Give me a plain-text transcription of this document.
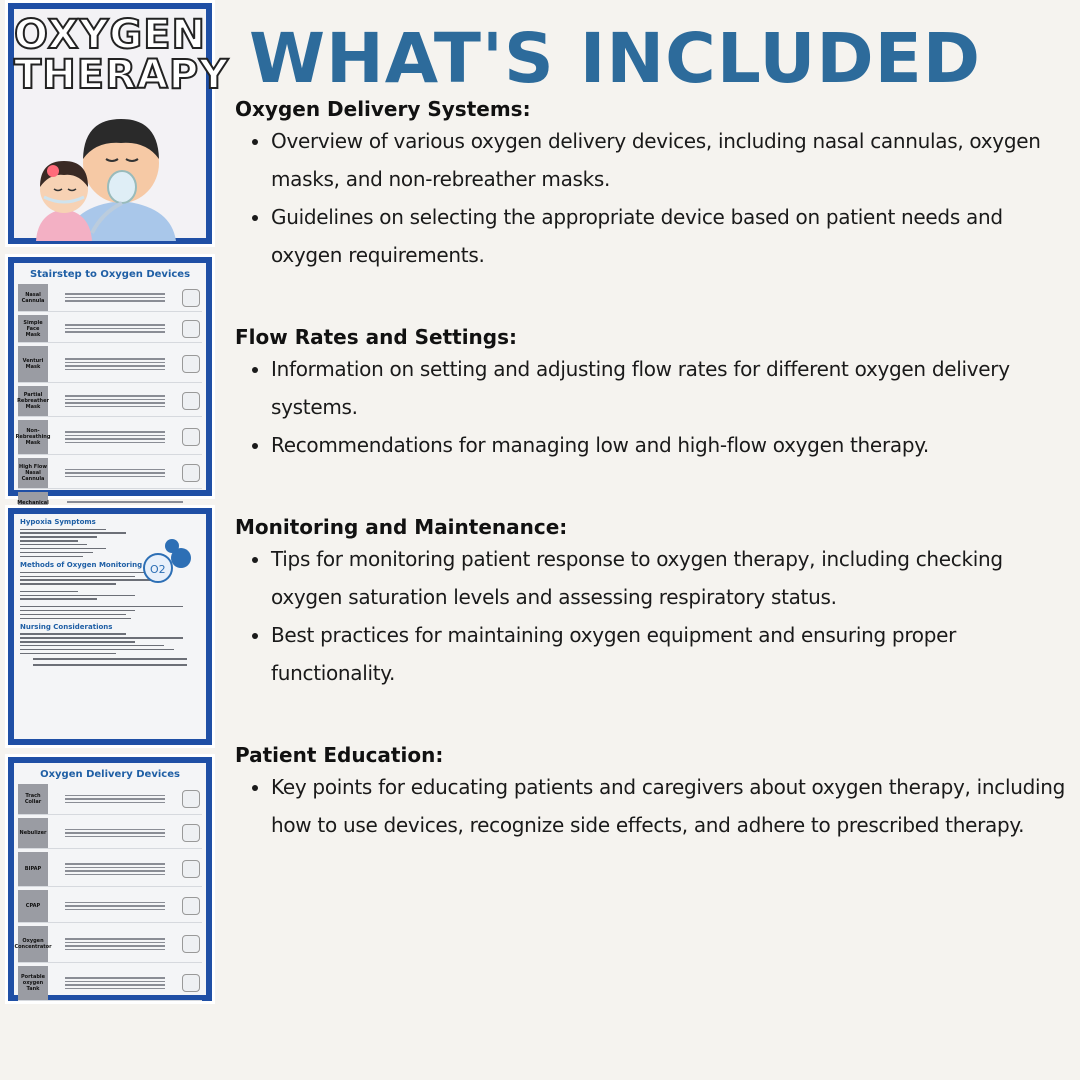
OXYGEN
THERAPY
Stairstep to Oxygen Devices
Nasal Cannula
Simple Face Mask
Venturi Mask
Partial Rebreather Mask
Non-Rebreathing Mask
High Flow Nasal Cannula
Mechanical
Hypoxia Symptoms
O2
Methods of Oxygen Monitoring
Nursing Considerations
Oxygen Delivery Devices
Trach Collar
Nebulizer
BIPAP
CPAP
Oxygen Concentrator
Portable oxygen Tank
WHAT'S INCLUDED
Oxygen Delivery Systems:
• Overview of various oxygen delivery devices, including nasal cannulas, oxygen masks, and non-rebreather masks.
• Guidelines on selecting the appropriate device based on patient needs and oxygen requirements.
Flow Rates and Settings:
• Information on setting and adjusting flow rates for different oxygen delivery systems.
• Recommendations for managing low and high-flow oxygen therapy.
Monitoring and Maintenance:
• Tips for monitoring patient response to oxygen therapy, including checking oxygen saturation levels and assessing respiratory status.
• Best practices for maintaining oxygen equipment and ensuring proper functionality.
Patient Education:
• Key points for educating patients and caregivers about oxygen therapy, including how to use devices, recognize side effects, and adhere to prescribed therapy.
